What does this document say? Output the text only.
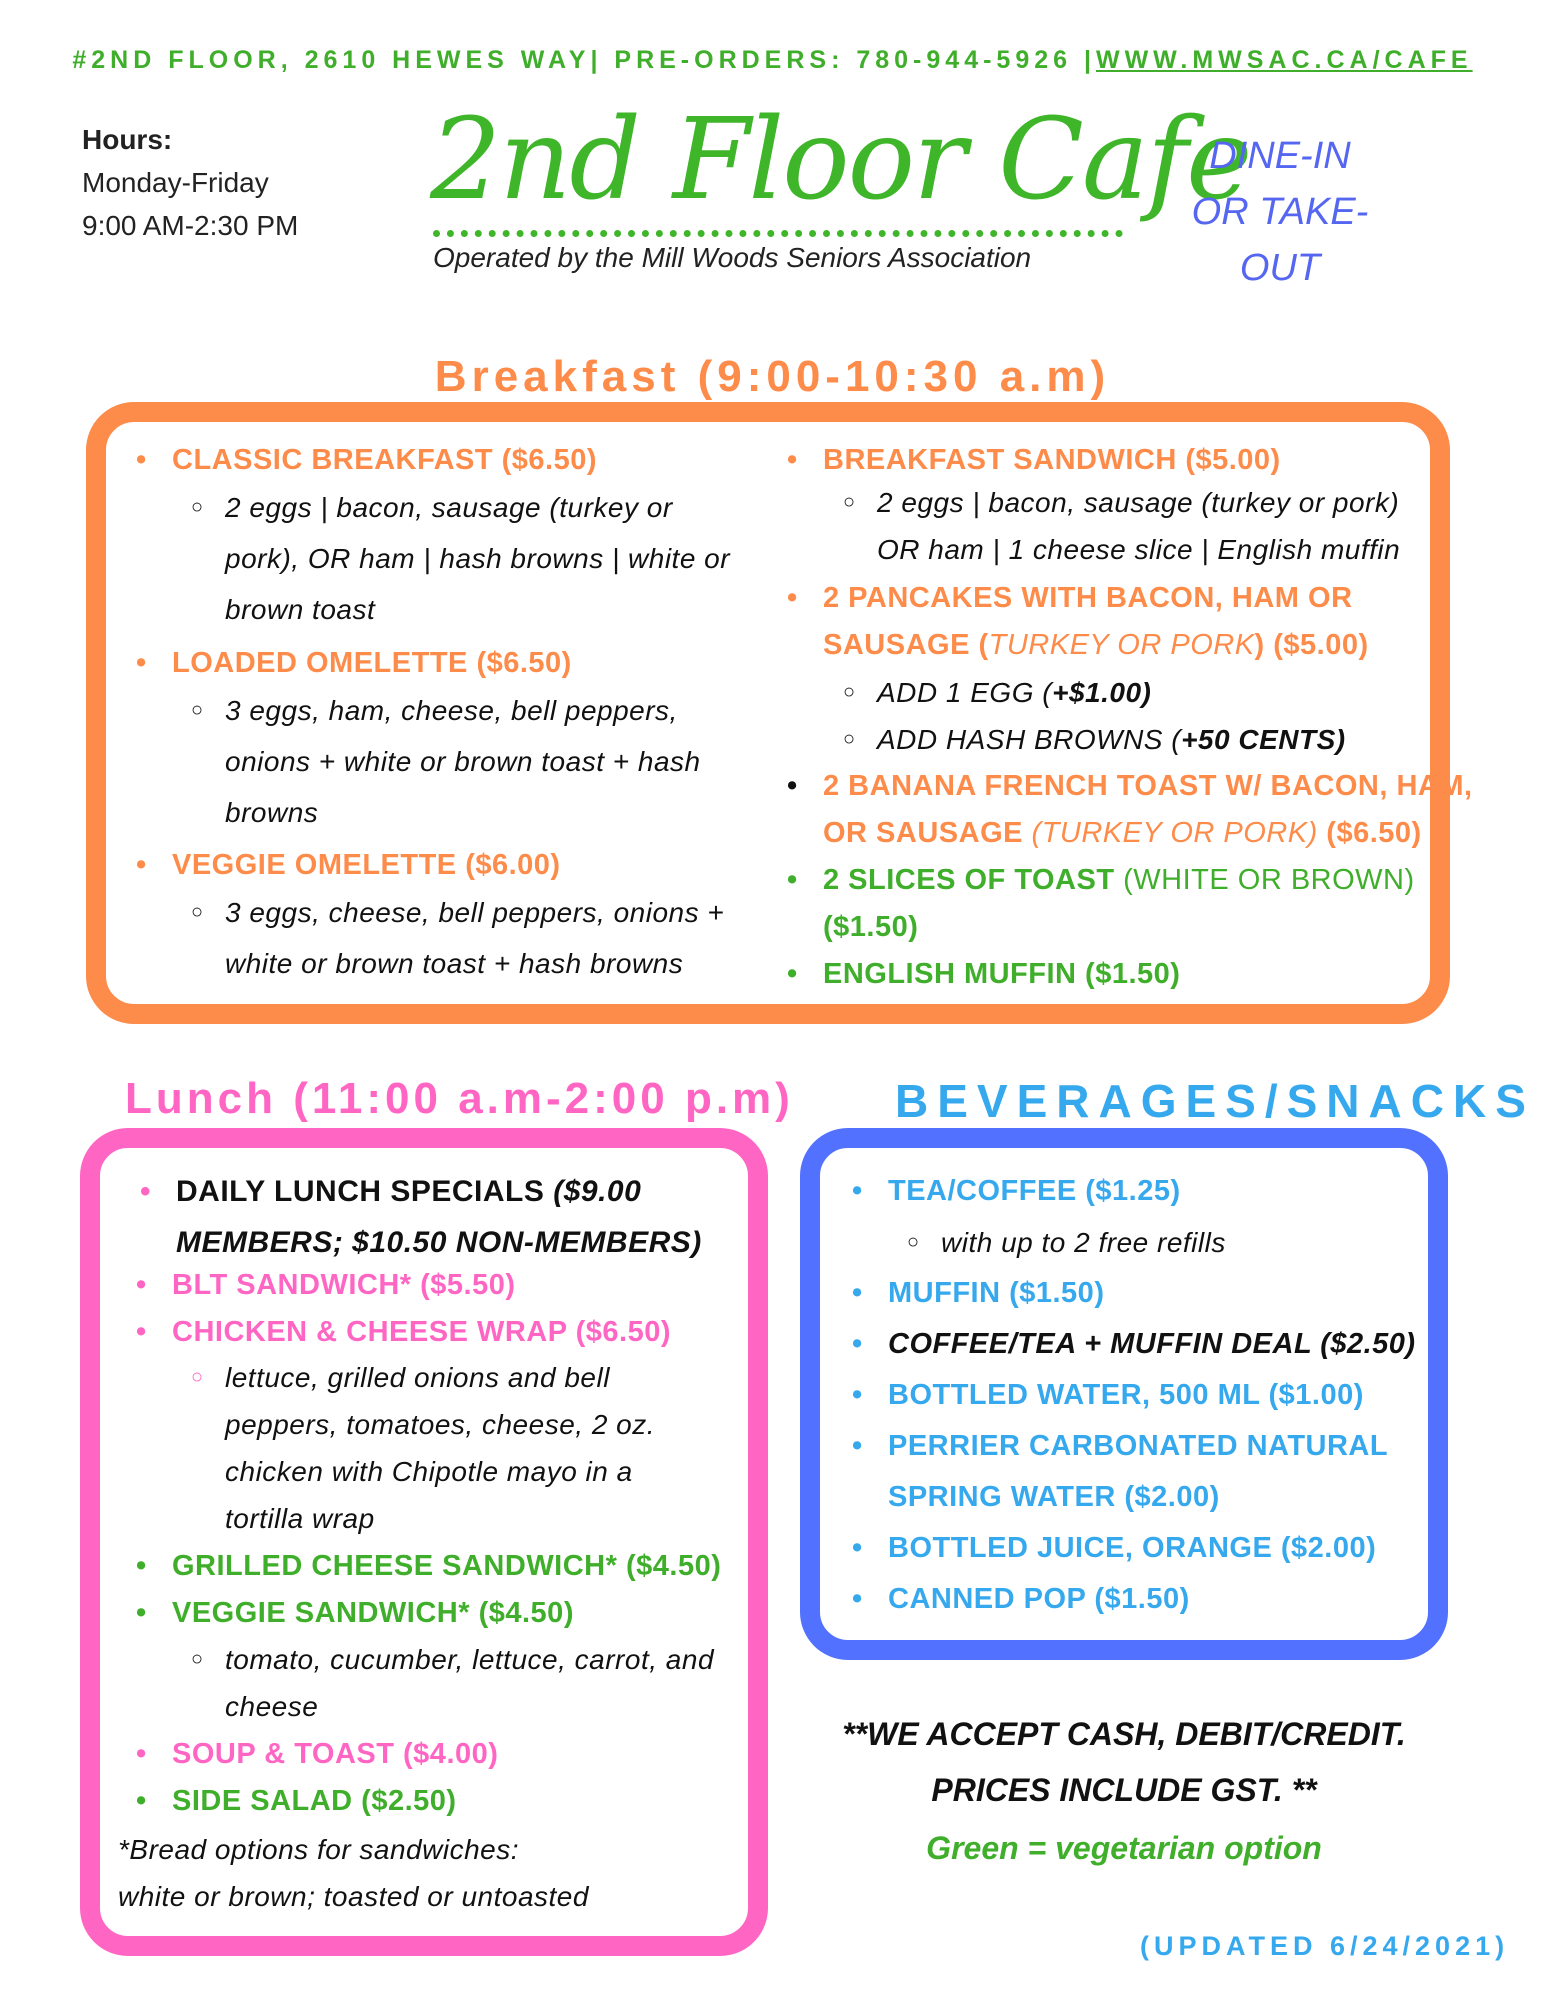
#2ND FLOOR, 2610 HEWES WAY| PRE-ORDERS: 780-944-5926 |WWW.MWSAC.CA/CAFE
Hours:
Monday-Friday
9:00 AM-2:30 PM
2nd Floor Cafe
Operated by the Mill Woods Seniors Association
DINE-IN
OR TAKE-OUT
Breakfast (9:00-10:30 a.m)
• CLASSIC BREAKFAST ($6.50)
○ 2 eggs | bacon, sausage (turkey or
pork), OR ham | hash browns | white or
brown toast
• LOADED OMELETTE ($6.50)
○ 3 eggs, ham, cheese, bell peppers,
onions + white or brown toast + hash
browns
• VEGGIE OMELETTE ($6.00)
○ 3 eggs, cheese, bell peppers, onions +
white or brown toast + hash browns
• BREAKFAST SANDWICH ($5.00)
○ 2 eggs | bacon, sausage (turkey or pork)
OR ham | 1 cheese slice | English muffin
• 2 PANCAKES WITH BACON, HAM OR
SAUSAGE (TURKEY OR PORK) ($5.00)
○ ADD 1 EGG (+$1.00)
○ ADD HASH BROWNS (+50 CENTS)
• 2 BANANA FRENCH TOAST W/ BACON, HAM,
OR SAUSAGE (TURKEY OR PORK) ($6.50)
• 2 SLICES OF TOAST (WHITE OR BROWN)
($1.50)
• ENGLISH MUFFIN ($1.50)
Lunch (11:00 a.m-2:00 p.m)
• DAILY LUNCH SPECIALS ($9.00
MEMBERS; $10.50 NON-MEMBERS)
• BLT SANDWICH* ($5.50)
• CHICKEN & CHEESE WRAP ($6.50)
○ lettuce, grilled onions and bell
peppers, tomatoes, cheese, 2 oz.
chicken with Chipotle mayo in a
tortilla wrap
• GRILLED CHEESE SANDWICH* ($4.50)
• VEGGIE SANDWICH* ($4.50)
○ tomato, cucumber, lettuce, carrot, and
cheese
• SOUP & TOAST ($4.00)
• SIDE SALAD ($2.50)
*Bread options for sandwiches:
white or brown; toasted or untoasted
BEVERAGES/SNACKS
• TEA/COFFEE ($1.25)
○ with up to 2 free refills
• MUFFIN ($1.50)
• COFFEE/TEA + MUFFIN DEAL ($2.50)
• BOTTLED WATER, 500 ML ($1.00)
• PERRIER CARBONATED NATURAL
SPRING WATER ($2.00)
• BOTTLED JUICE, ORANGE ($2.00)
• CANNED POP ($1.50)
**WE ACCEPT CASH, DEBIT/CREDIT.
PRICES INCLUDE GST. **
Green = vegetarian option
(UPDATED 6/24/2021)
